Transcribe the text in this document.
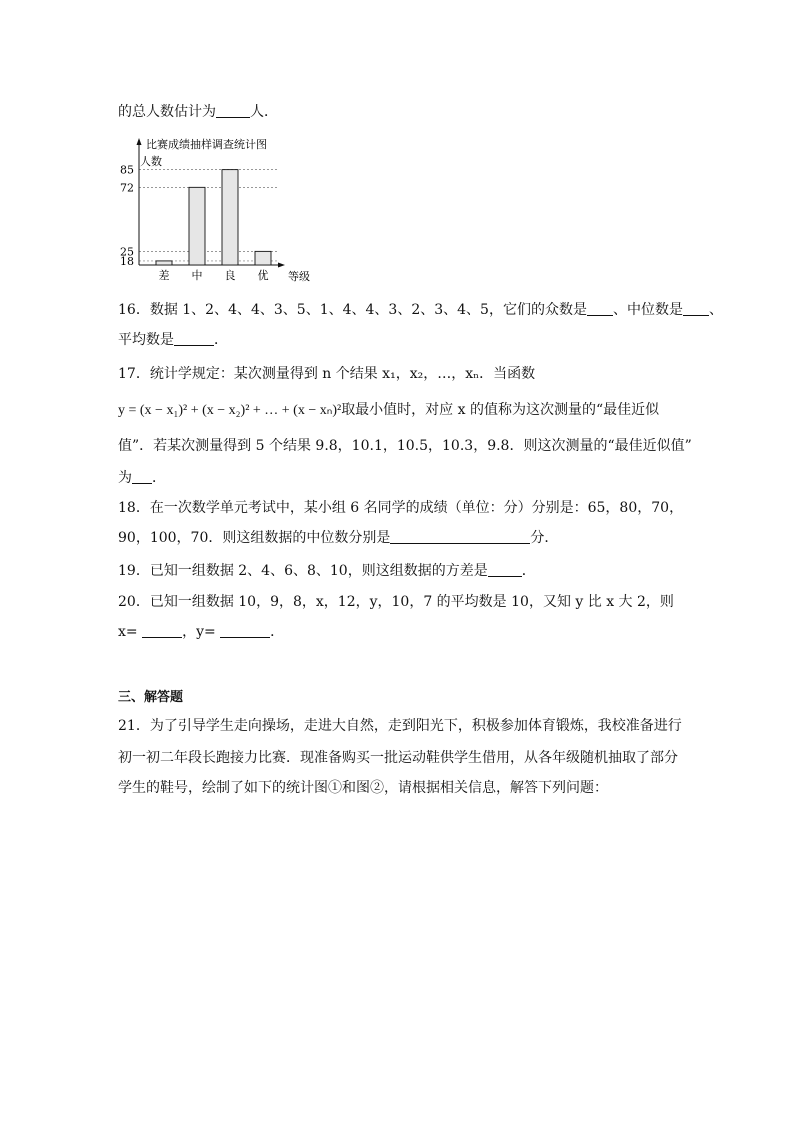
的总人数估计为 人．
比赛成绩抽样调查统计图
人数
18
25
72
85
差 中 良 优 等级
16．数据 1、2、4、4、3、5、1、4、4、3、2、3、4、5，它们的众数是 、中位数是 、
平均数是	．
17．统计学规定：某次测量得到 n 个结果 x₁，x₂，…，xₙ．当函数
y = (x − x₁)² + (x − x₂)² + … + (x − xₙ)²取最小值时，对应 x 的值称为这次测量的“最佳近似
值”．若某次测量得到 5 个结果 9.8，10.1，10.5，10.3，9.8．则这次测量的“最佳近似值”
为 ．
18．在一次数学单元考试中，某小组 6 名同学的成绩（单位：分）分别是：65，80，70，
90，100，70．则这组数据的中位数分别是	分．
19．已知一组数据 2、4、6、8、10，则这组数据的方差是 ．
20．已知一组数据 10，9，8，x，12，y，10，7 的平均数是 10，又知 y 比 x 大 2，则
x=	，y=	．
三、解答题
21．为了引导学生走向操场，走进大自然，走到阳光下，积极参加体育锻炼，我校准备进行
初一初二年段长跑接力比赛．现准备购买一批运动鞋供学生借用，从各年级随机抽取了部分
学生的鞋号，绘制了如下的统计图①和图②，请根据相关信息，解答下列问题：
